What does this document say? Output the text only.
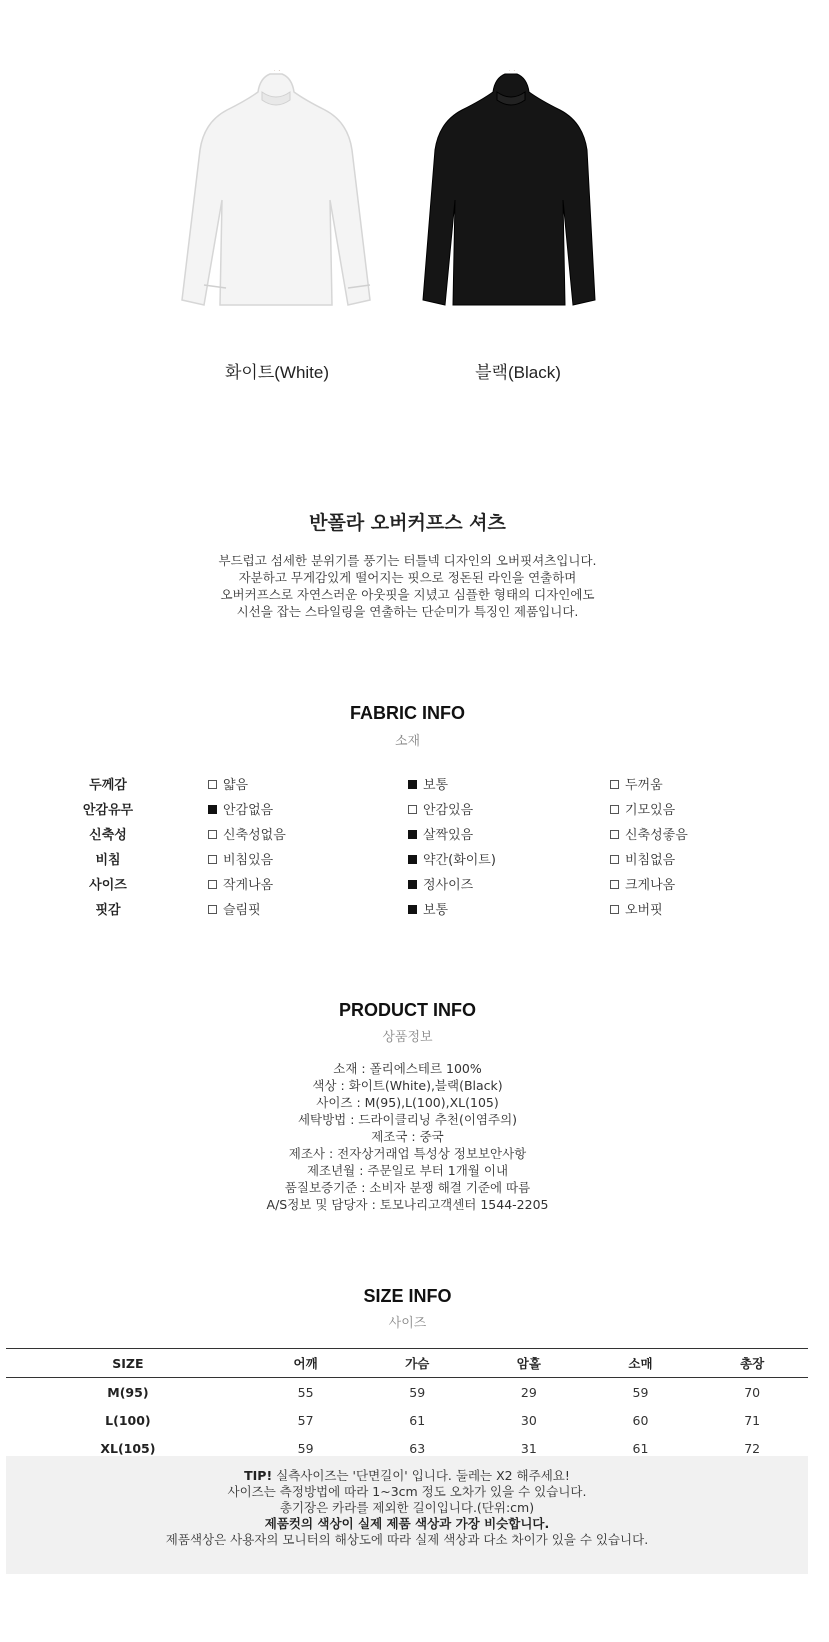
화이트(White)	블랙(Black)
반폴라 오버커프스 셔츠
부드럽고 섬세한 분위기를 풍기는 터틀넥 디자인의 오버핏셔츠입니다.
자분하고 무게감있게 떨어지는 핏으로 정돈된 라인을 연출하며
오버커프스로 자연스러운 아웃핏을 지녔고 심플한 형태의 디자인에도
시선을 잡는 스타일링을 연출하는 단순미가 특징인 제품입니다.
FABRIC INFO
소재
두께감	얇음	보통	두꺼움
안감유무	안감없음	안감있음	기모있음
신축성	신축성없음	살짝있음	신축성좋음
비침	비침있음	약간(화이트)	비침없음
사이즈	작게나옴	정사이즈	크게나옴
핏감	슬림핏	보통	오버핏
PRODUCT INFO
상품정보
소재 : 폴리에스테르 100%
색상 : 화이트(White),블랙(Black)
사이즈 : M(95),L(100),XL(105)
세탁방법 : 드라이클리닝 추천(이염주의)
제조국 : 중국
제조사 : 전자상거래업 특성상 정보보안사항
제조년월 : 주문일로 부터 1개월 이내
품질보증기준 : 소비자 분쟁 해결 기준에 따름
A/S정보 및 담당자 : 토모나리고객센터 1544-2205
SIZE INFO
사이즈
SIZE	어깨	가슴	암홀	소매	총장
M(95)	55	59	29	59	70
L(100)	57	61	30	60	71
XL(105)	59	63	31	61	72
TIP! 실측사이즈는 '단면길이' 입니다. 둘레는 X2 해주세요!
사이즈는 측정방법에 따라 1~3cm 정도 오차가 있을 수 있습니다.
총기장은 카라를 제외한 길이입니다.(단위:cm)
제품컷의 색상이 실제 제품 색상과 가장 비슷합니다.
제품색상은 사용자의 모니터의 해상도에 따라 실제 색상과 다소 차이가 있을 수 있습니다.
